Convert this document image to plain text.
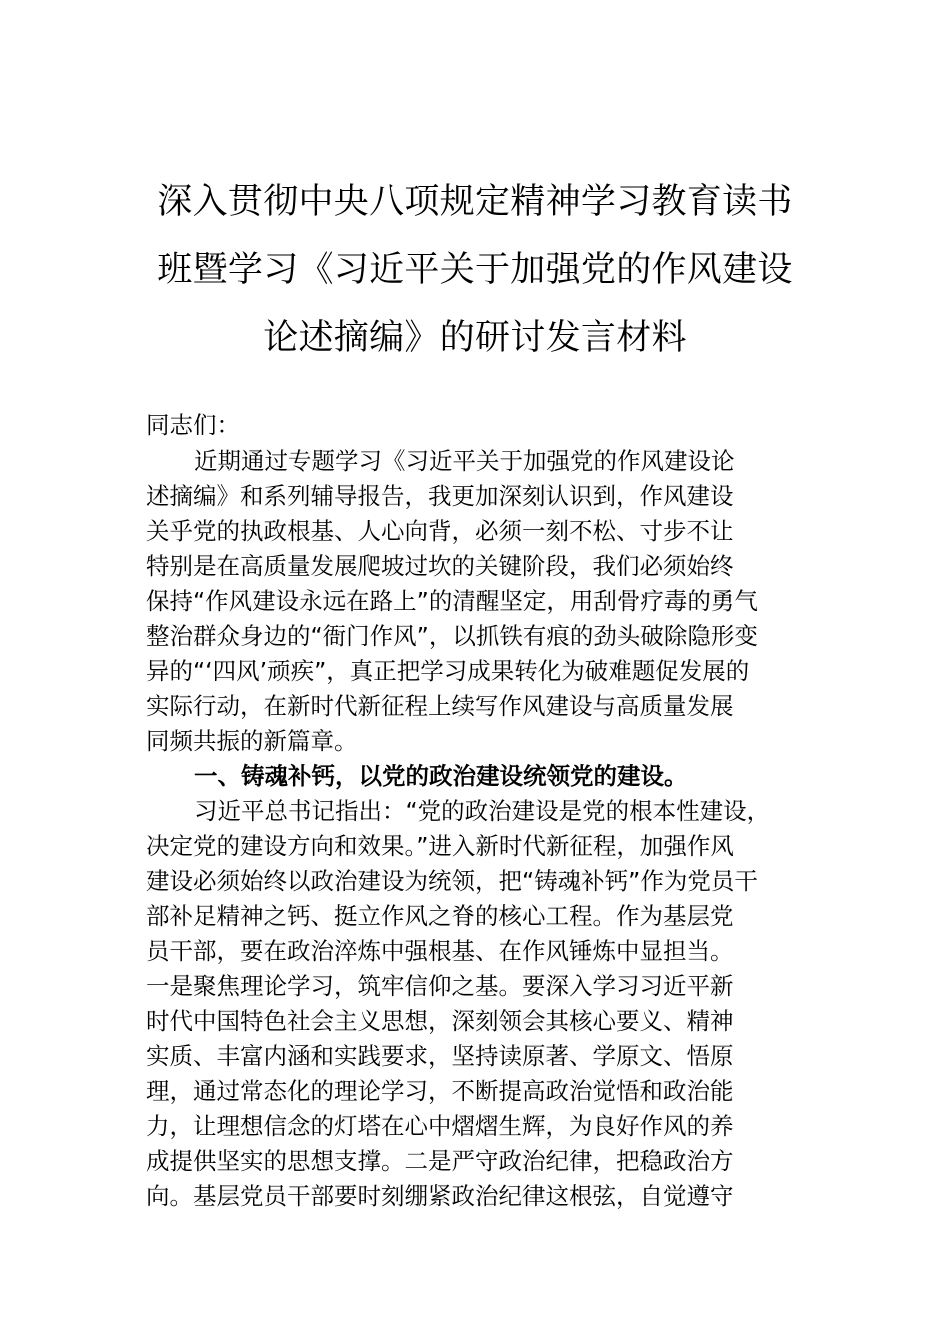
深入贯彻中央八项规定精神学习教育读书
班暨学习《习近平关于加强党的作风建设
论述摘编》的研讨发言材料
同志们：
近期通过专题学习《习近平关于加强党的作风建设论
述摘编》和系列辅导报告，我更加深刻认识到，作风建设
关乎党的执政根基、人心向背，必须一刻不松、寸步不让
特别是在高质量发展爬坡过坎的关键阶段，我们必须始终
保持“作风建设永远在路上”的清醒坚定，用刮骨疗毒的勇气
整治群众身边的“衙门作风”，以抓铁有痕的劲头破除隐形变
异的“‘四风’顽疾”，真正把学习成果转化为破难题促发展的
实际行动，在新时代新征程上续写作风建设与高质量发展
同频共振的新篇章。
一、铸魂补钙，以党的政治建设统领党的建设。
习近平总书记指出：“党的政治建设是党的根本性建设，
决定党的建设方向和效果。”进入新时代新征程，加强作风
建设必须始终以政治建设为统领，把“铸魂补钙”作为党员干
部补足精神之钙、挺立作风之脊的核心工程。作为基层党
员干部，要在政治淬炼中强根基、在作风锤炼中显担当。
一是聚焦理论学习，筑牢信仰之基。要深入学习习近平新
时代中国特色社会主义思想，深刻领会其核心要义、精神
实质、丰富内涵和实践要求，坚持读原著、学原文、悟原
理，通过常态化的理论学习，不断提高政治觉悟和政治能
力，让理想信念的灯塔在心中熠熠生辉，为良好作风的养
成提供坚实的思想支撑。二是严守政治纪律，把稳政治方
向。基层党员干部要时刻绷紧政治纪律这根弦，自觉遵守
